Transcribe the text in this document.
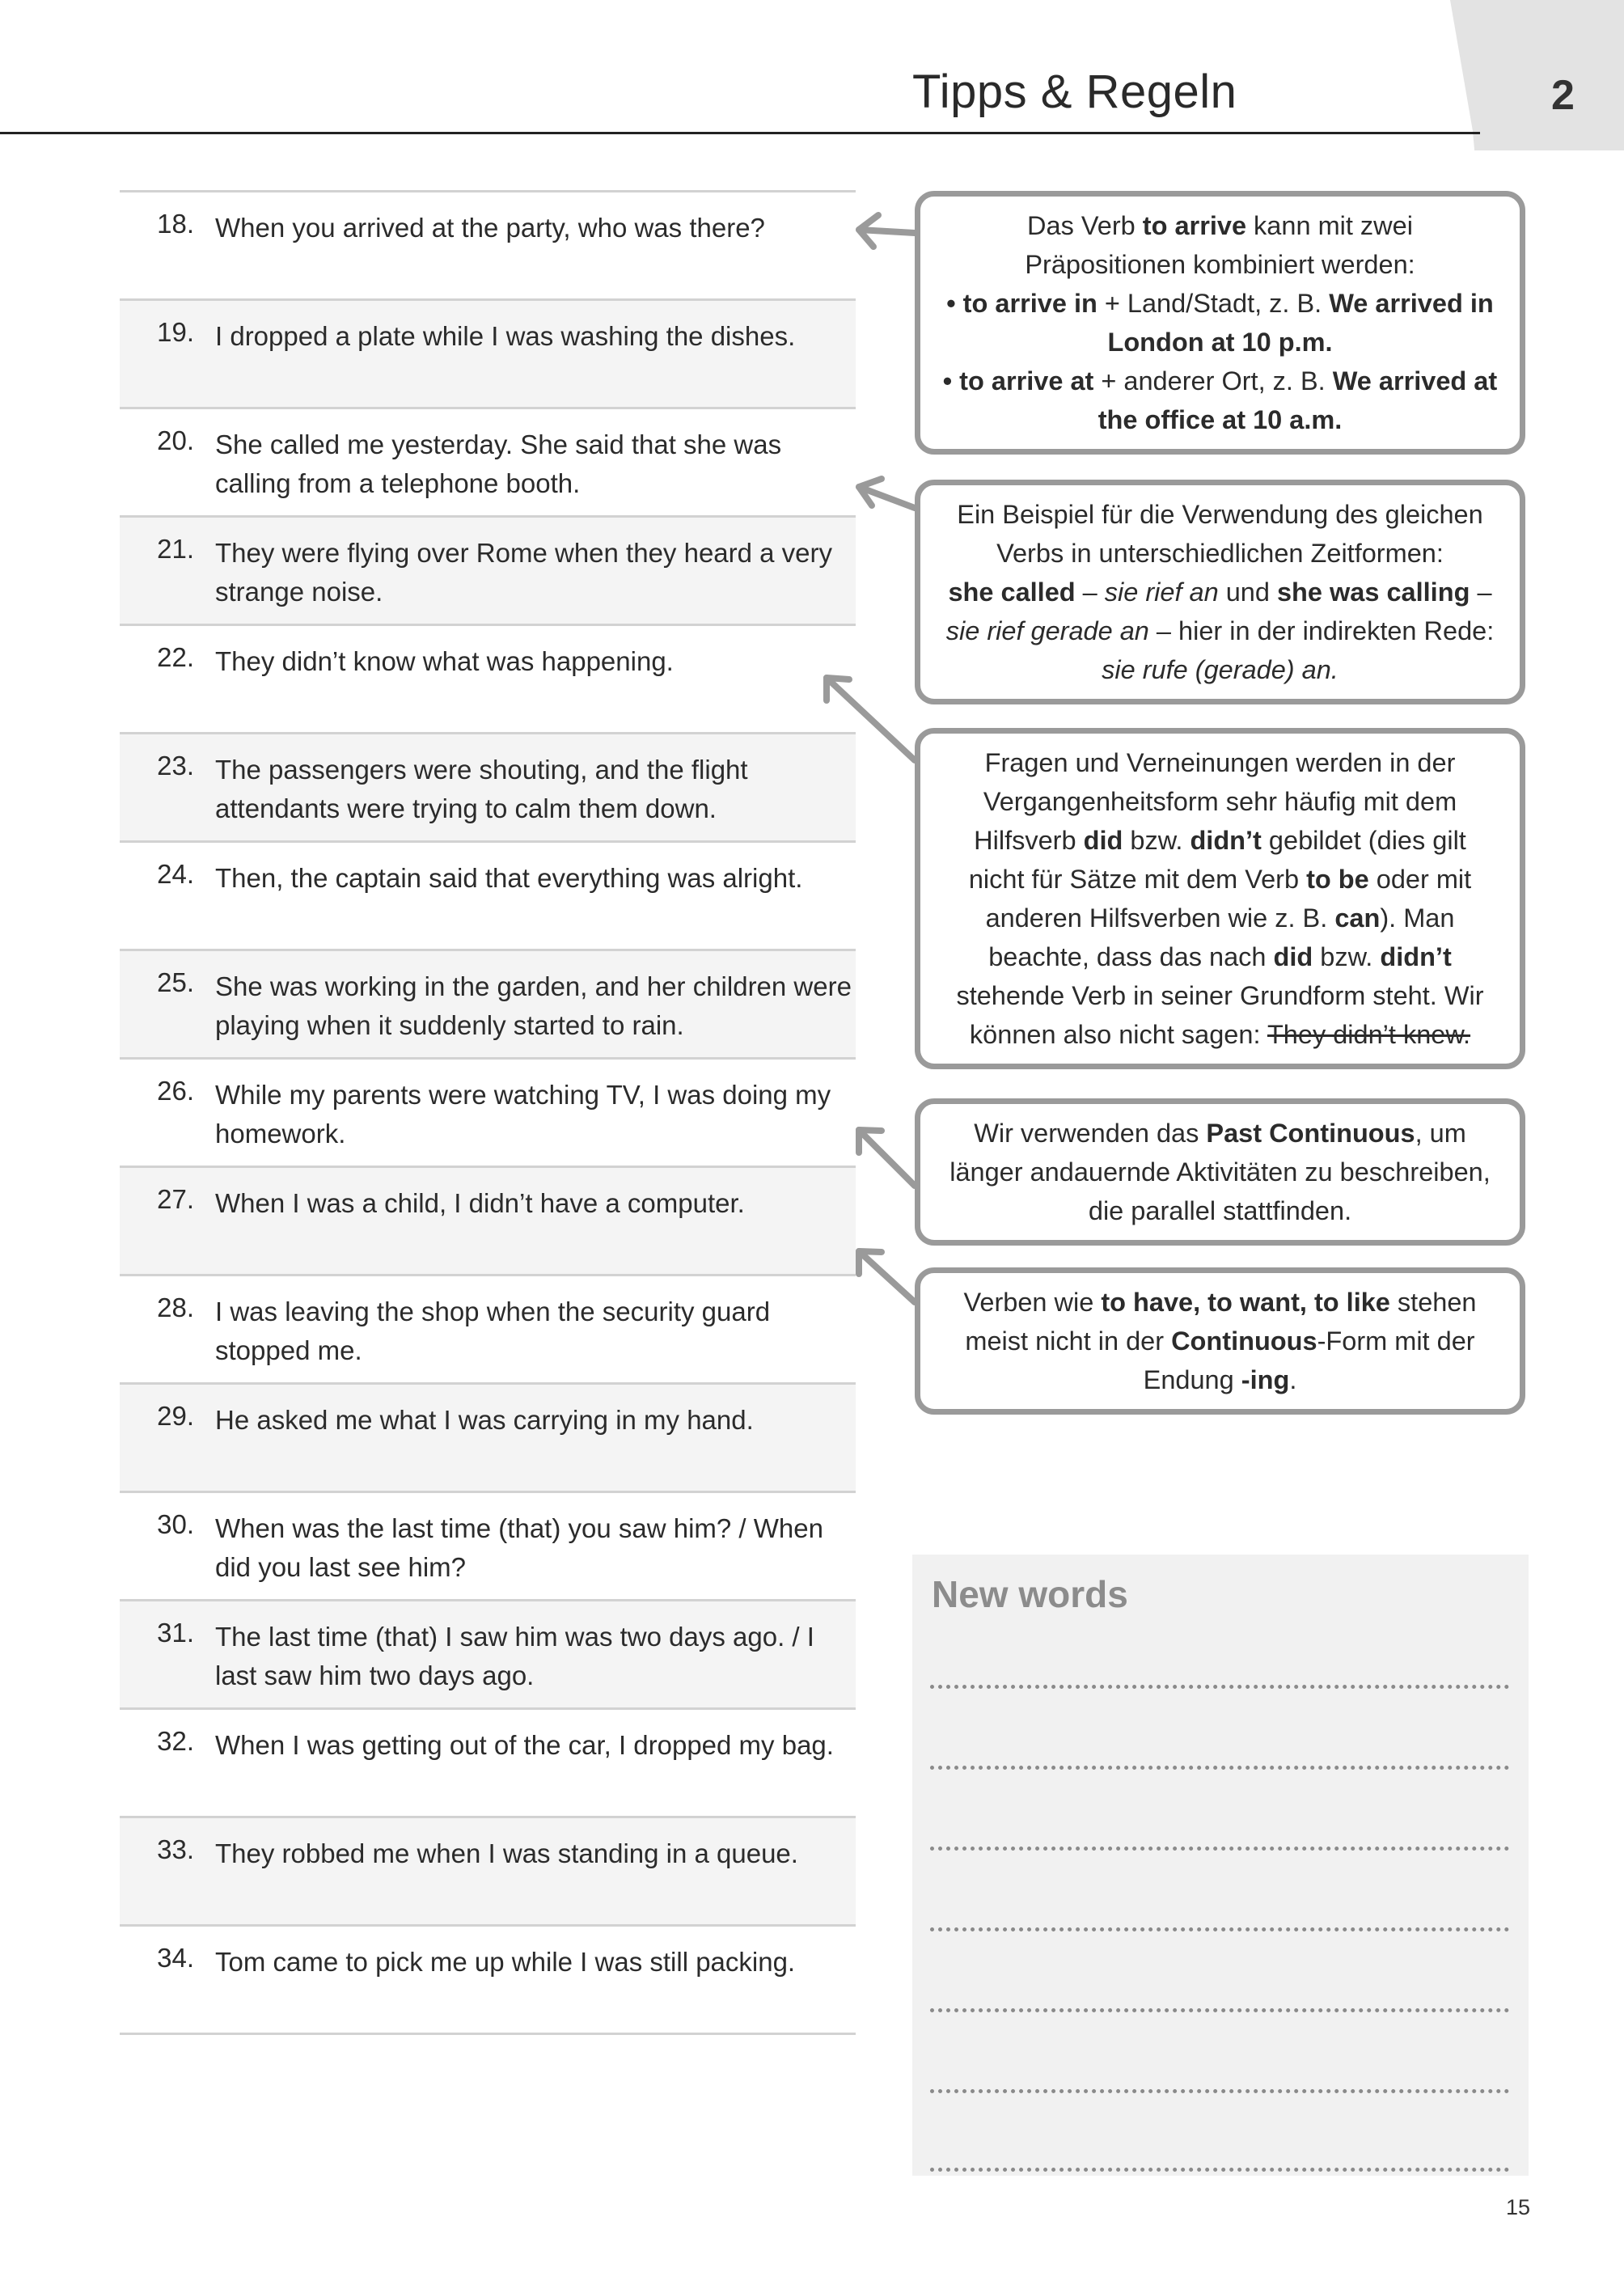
2
Tipps & Regeln
18. When you arrived at the party, who was there?
19. I dropped a plate while I was washing the dishes.
20. She called me yesterday. She said that she was calling from a telephone booth.
21. They were flying over Rome when they heard a very strange noise.
22. They didn’t know what was happening.
23. The passengers were shouting, and the flight attendants were trying to calm them down.
24. Then, the captain said that everything was alright.
25. She was working in the garden, and her children were playing when it suddenly started to rain.
26. While my parents were watching TV, I was doing my homework.
27. When I was a child, I didn’t have a computer.
28. I was leaving the shop when the security guard stopped me.
29. He asked me what I was carrying in my hand.
30. When was the last time (that) you saw him? / When did you last see him?
31. The last time (that) I saw him was two days ago. / I last saw him two days ago.
32. When I was getting out of the car, I dropped my bag.
33. They robbed me when I was standing in a queue.
34. Tom came to pick me up while I was still packing.
Das Verb to arrive kann mit zwei
Präpositionen kombiniert werden:
• to arrive in + Land/Stadt, z. B. We arrived in
London at 10 p.m.
• to arrive at + anderer Ort, z. B. We arrived at
the office at 10 a.m.
Ein Beispiel für die Verwendung des gleichen
Verbs in unterschiedlichen Zeitformen:
she called – sie rief an und she was calling –
sie rief gerade an – hier in der indirekten Rede:
sie rufe (gerade) an.
Fragen und Verneinungen werden in der
Vergangenheitsform sehr häufig mit dem
Hilfsverb did bzw. didn’t gebildet (dies gilt
nicht für Sätze mit dem Verb to be oder mit
anderen Hilfsverben wie z. B. can). Man
beachte, dass das nach did bzw. didn’t
stehende Verb in seiner Grundform steht. Wir
können also nicht sagen: They didn’t knew.
Wir verwenden das Past Continuous, um
länger andauernde Aktivitäten zu beschreiben,
die parallel stattfinden.
Verben wie to have, to want, to like stehen
meist nicht in der Continuous-Form mit der
Endung -ing.
New words
15
